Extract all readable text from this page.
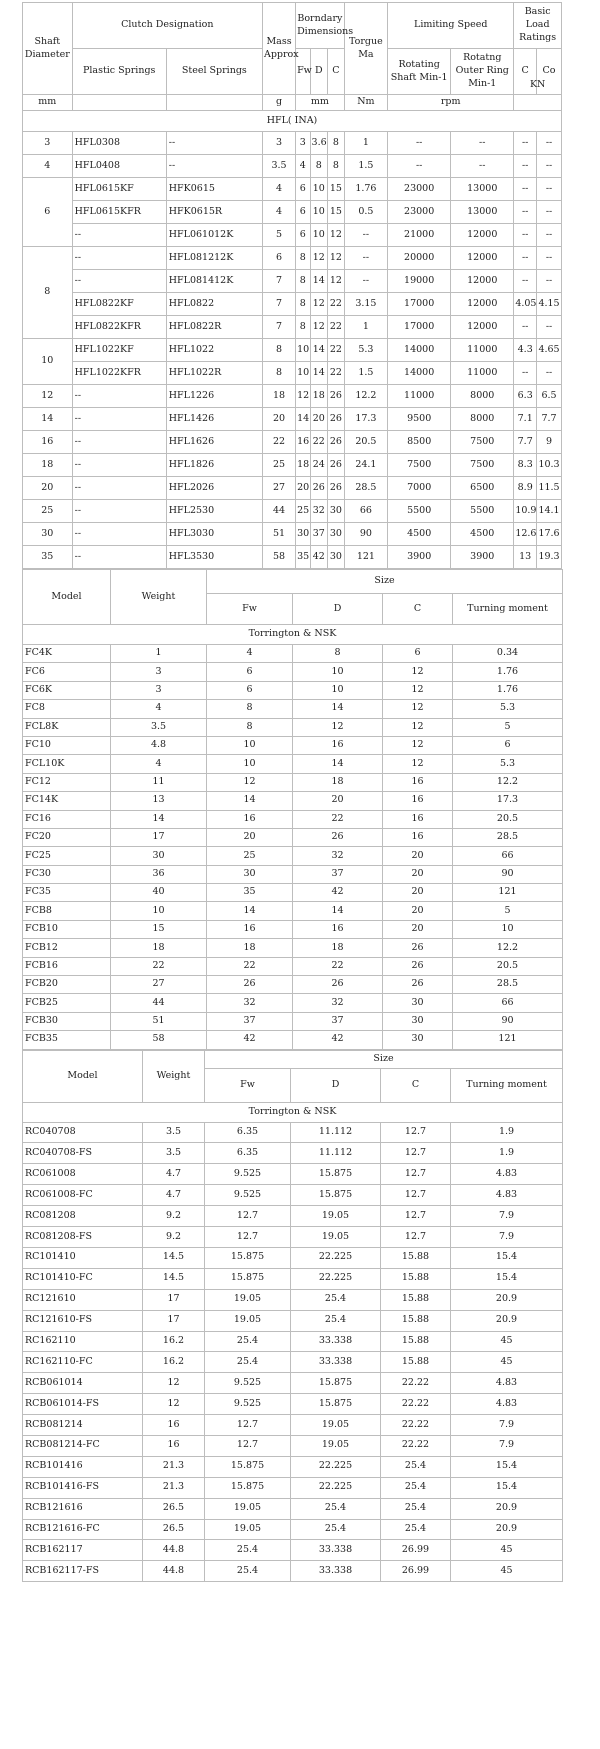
Shaft Diameter	Clutch Designation		Mass Approx	Borndary Dimensions			Torgue Ma	Limiting Speed		Basic Load Ratings	
	Plastic Springs	Steel Springs		Fw	D	C		Rotating Shaft Min-1	Rotatng Outer Ring Min-1	C	Co
mm			g	mm			Nm	rpm		KN	
HFL( INA)											
3	HFL0308	--	3	3	3.6	8	1	--	--	--	--
4	HFL0408	--	3.5	4	8	8	1.5	--	--	--	--
6	HFL0615KF	HFK0615	4	6	10	15	1.76	23000	13000	--	--
	HFL0615KFR	HFK0615R	4	6	10	15	0.5	23000	13000	--	--
	--	HFL061012K	5	6	10	12	--	21000	12000	--	--
8	--	HFL081212K	6	8	12	12	--	20000	12000	--	--
	--	HFL081412K	7	8	14	12	--	19000	12000	--	--
	HFL0822KF	HFL0822	7	8	12	22	3.15	17000	12000	4.05	4.15
	HFL0822KFR	HFL0822R	7	8	12	22	1	17000	12000	--	--
10	HFL1022KF	HFL1022	8	10	14	22	5.3	14000	11000	4.3	4.65
	HFL1022KFR	HFL1022R	8	10	14	22	1.5	14000	11000	--	--
12	--	HFL1226	18	12	18	26	12.2	11000	8000	6.3	6.5
14	--	HFL1426	20	14	20	26	17.3	9500	8000	7.1	7.7
16	--	HFL1626	22	16	22	26	20.5	8500	7500	7.7	9
18	--	HFL1826	25	18	24	26	24.1	7500	7500	8.3	10.3
20	--	HFL2026	27	20	26	26	28.5	7000	6500	8.9	11.5
25	--	HFL2530	44	25	32	30	66	5500	5500	10.9	14.1
30	--	HFL3030	51	30	37	30	90	4500	4500	12.6	17.6
35	--	HFL3530	58	35	42	30	121	3900	3900	13	19.3
Model	Weight	Size			
		Fw	D	C	Turning moment
Torrington & NSK					
FC4K	1	4	8	6	0.34
FC6	3	6	10	12	1.76
FC6K	3	6	10	12	1.76
FC8	4	8	14	12	5.3
FCL8K	3.5	8	12	12	5
FC10	4.8	10	16	12	6
FCL10K	4	10	14	12	5.3
FC12	11	12	18	16	12.2
FC14K	13	14	20	16	17.3
FC16	14	16	22	16	20.5
FC20	17	20	26	16	28.5
FC25	30	25	32	20	66
FC30	36	30	37	20	90
FC35	40	35	42	20	121
FCB8	10	14	14	20	5
FCB10	15	16	16	20	10
FCB12	18	18	18	26	12.2
FCB16	22	22	22	26	20.5
FCB20	27	26	26	26	28.5
FCB25	44	32	32	30	66
FCB30	51	37	37	30	90
FCB35	58	42	42	30	121
Model	Weight	Size			
		Fw	D	C	Turning moment
Torrington & NSK					
RC040708	3.5	6.35	11.112	12.7	1.9
RC040708-FS	3.5	6.35	11.112	12.7	1.9
RC061008	4.7	9.525	15.875	12.7	4.83
RC061008-FC	4.7	9.525	15.875	12.7	4.83
RC081208	9.2	12.7	19.05	12.7	7.9
RC081208-FS	9.2	12.7	19.05	12.7	7.9
RC101410	14.5	15.875	22.225	15.88	15.4
RC101410-FC	14.5	15.875	22.225	15.88	15.4
RC121610	17	19.05	25.4	15.88	20.9
RC121610-FS	17	19.05	25.4	15.88	20.9
RC162110	16.2	25.4	33.338	15.88	45
RC162110-FC	16.2	25.4	33.338	15.88	45
RCB061014	12	9.525	15.875	22.22	4.83
RCB061014-FS	12	9.525	15.875	22.22	4.83
RCB081214	16	12.7	19.05	22.22	7.9
RCB081214-FC	16	12.7	19.05	22.22	7.9
RCB101416	21.3	15.875	22.225	25.4	15.4
RCB101416-FS	21.3	15.875	22.225	25.4	15.4
RCB121616	26.5	19.05	25.4	25.4	20.9
RCB121616-FC	26.5	19.05	25.4	25.4	20.9
RCB162117	44.8	25.4	33.338	26.99	45
RCB162117-FS	44.8	25.4	33.338	26.99	45
